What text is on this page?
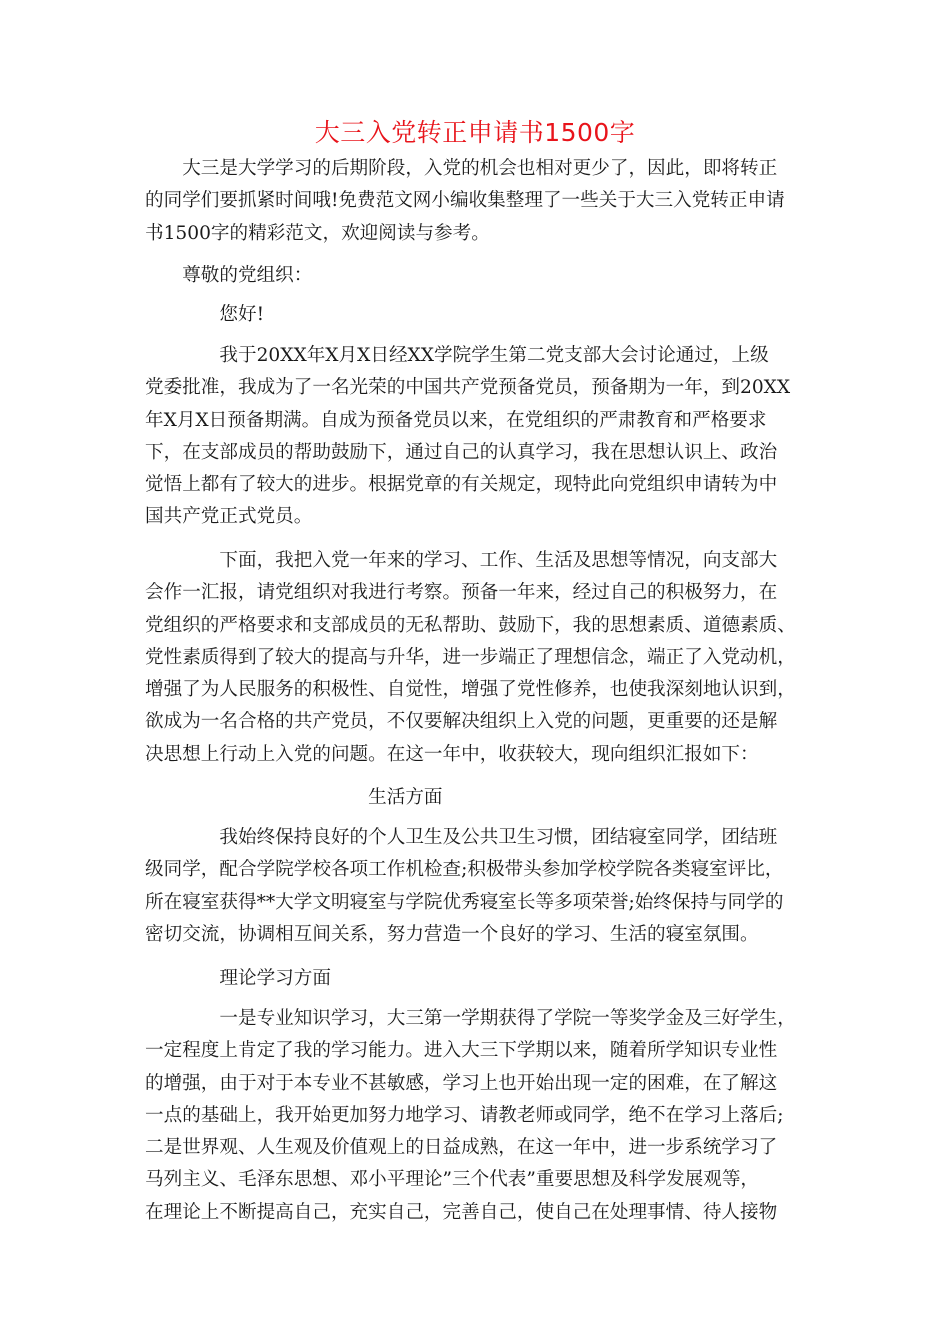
大三入党转正申请书1500字

　　大三是大学学习的后期阶段，入党的机会也相对更少了，因此，即将转正
的同学们要抓紧时间哦!免费范文网小编收集整理了一些关于大三入党转正申请
书1500字的精彩范文，欢迎阅读与参考。

　　尊敬的党组织：

　　　　您好!

　　　　我于20XX年X月X日经XX学院学生第二党支部大会讨论通过，上级
党委批准，我成为了一名光荣的中国共产党预备党员，预备期为一年，到20XX
年X月X日预备期满。自成为预备党员以来，在党组织的严肃教育和严格要求
下，在支部成员的帮助鼓励下，通过自己的认真学习，我在思想认识上、政治
觉悟上都有了较大的进步。根据党章的有关规定，现特此向党组织申请转为中
国共产党正式党员。

　　　　下面，我把入党一年来的学习、工作、生活及思想等情况，向支部大
会作一汇报，请党组织对我进行考察。预备一年来，经过自己的积极努力，在
党组织的严格要求和支部成员的无私帮助、鼓励下，我的思想素质、道德素质、
党性素质得到了较大的提高与升华，进一步端正了理想信念，端正了入党动机，
增强了为人民服务的积极性、自觉性，增强了党性修养，也使我深刻地认识到，
欲成为一名合格的共产党员，不仅要解决组织上入党的问题，更重要的还是解
决思想上行动上入党的问题。在这一年中，收获较大，现向组织汇报如下：

　　　　　　　　　　　　生活方面

　　　　我始终保持良好的个人卫生及公共卫生习惯，团结寝室同学，团结班
级同学，配合学院学校各项工作机检查;积极带头参加学校学院各类寝室评比，
所在寝室获得**大学文明寝室与学院优秀寝室长等多项荣誉;始终保持与同学的
密切交流，协调相互间关系，努力营造一个良好的学习、生活的寝室氛围。

　　　　理论学习方面

　　　　一是专业知识学习，大三第一学期获得了学院一等奖学金及三好学生，
一定程度上肯定了我的学习能力。进入大三下学期以来，随着所学知识专业性
的增强，由于对于本专业不甚敏感，学习上也开始出现一定的困难，在了解这
一点的基础上，我开始更加努力地学习、请教老师或同学，绝不在学习上落后;
二是世界观、人生观及价值观上的日益成熟，在这一年中，进一步系统学习了
马列主义、毛泽东思想、邓小平理论”三个代表”重要思想及科学发展观等，
在理论上不断提高自己，充实自己，完善自己，使自己在处理事情、待人接物
